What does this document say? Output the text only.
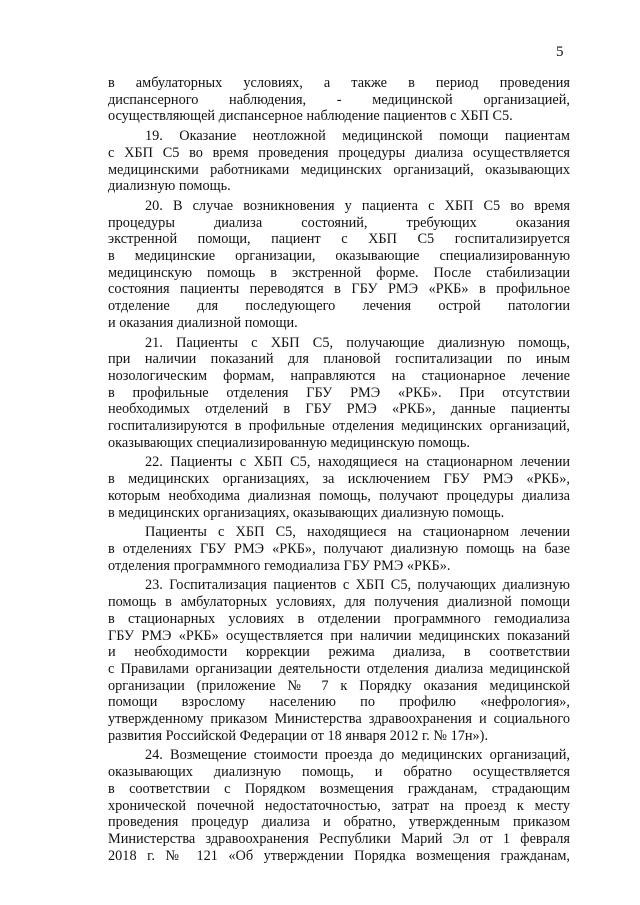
5
в амбулаторных условиях, а также в период проведения
диспансерного наблюдения, - медицинской организацией,
осуществляющей диспансерное наблюдение пациентов с ХБП С5.
19. Оказание неотложной медицинской помощи пациентам
с ХБП С5 во время проведения процедуры диализа осуществляется
медицинскими работниками медицинских организаций, оказывающих
диализную помощь.
20. В случае возникновения у пациента с ХБП С5 во время
процедуры диализа состояний, требующих оказания
экстренной помощи, пациент с ХБП С5 госпитализируется
в медицинские организации, оказывающие специализированную
медицинскую помощь в экстренной форме. После стабилизации
состояния пациенты переводятся в ГБУ РМЭ «РКБ» в профильное
отделение для последующего лечения острой патологии
и оказания диализной помощи.
21. Пациенты с ХБП С5, получающие диализную помощь,
при наличии показаний для плановой госпитализации по иным
нозологическим формам, направляются на стационарное лечение
в профильные отделения ГБУ РМЭ «РКБ». При отсутствии
необходимых отделений в ГБУ РМЭ «РКБ», данные пациенты
госпитализируются в профильные отделения медицинских организаций,
оказывающих специализированную медицинскую помощь.
22. Пациенты с ХБП С5, находящиеся на стационарном лечении
в медицинских организациях, за исключением ГБУ РМЭ «РКБ»,
которым необходима диализная помощь, получают процедуры диализа
в медицинских организациях, оказывающих диализную помощь.
Пациенты с ХБП С5, находящиеся на стационарном лечении
в отделениях ГБУ РМЭ «РКБ», получают диализную помощь на базе
отделения программного гемодиализа ГБУ РМЭ «РКБ».
23. Госпитализация пациентов с ХБП С5, получающих диализную
помощь в амбулаторных условиях, для получения диализной помощи
в стационарных условиях в отделении программного гемодиализа
ГБУ РМЭ «РКБ» осуществляется при наличии медицинских показаний
и необходимости коррекции режима диализа, в соответствии
с Правилами организации деятельности отделения диализа медицинской
организации (приложение № 7 к Порядку оказания медицинской
помощи взрослому населению по профилю «нефрология»,
утвержденному приказом Министерства здравоохранения и социального
развития Российской Федерации от 18 января 2012 г. № 17н»).
24. Возмещение стоимости проезда до медицинских организаций,
оказывающих диализную помощь, и обратно осуществляется
в соответствии с Порядком возмещения гражданам, страдающим
хронической почечной недостаточностью, затрат на проезд к месту
проведения процедур диализа и обратно, утвержденным приказом
Министерства здравоохранения Республики Марий Эл от 1 февраля
2018 г. № 121 «Об утверждении Порядка возмещения гражданам,
